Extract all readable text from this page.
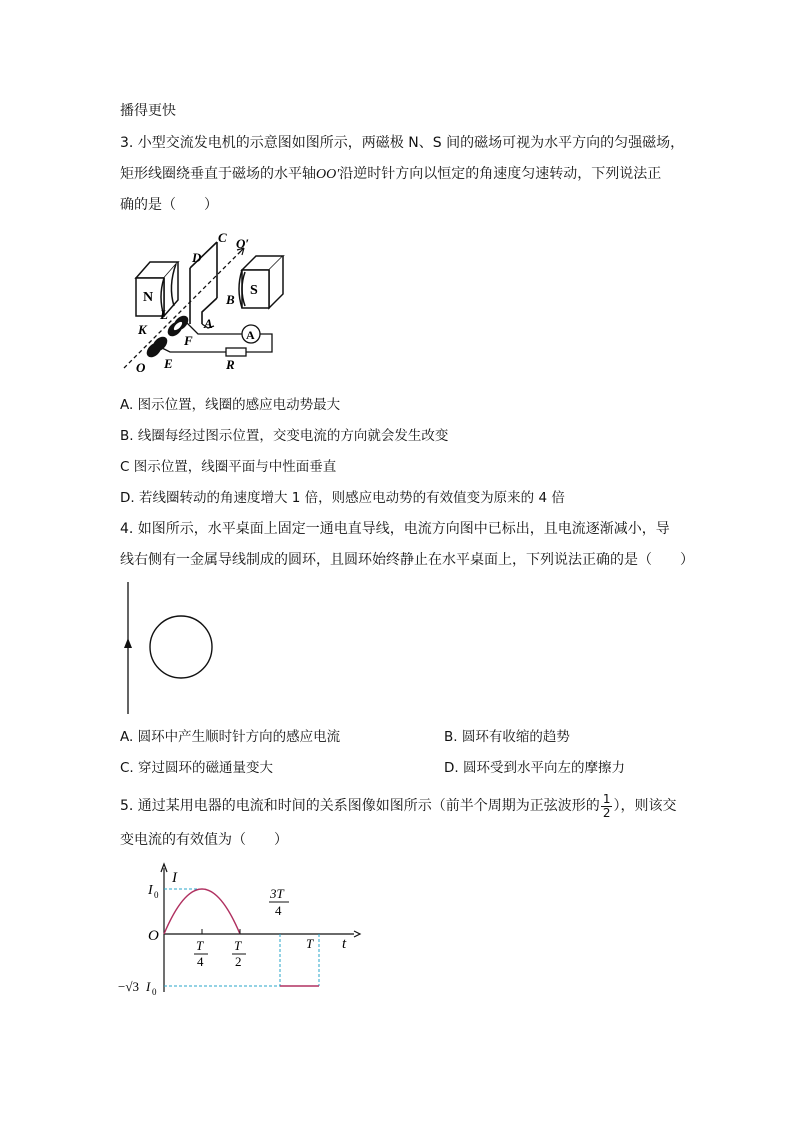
播得更快
3. 小型交流发电机的示意图如图所示，两磁极 N、S 间的磁场可视为水平方向的匀强磁场，
矩形线圈绕垂直于磁场的水平轴OO′沿逆时针方向以恒定的角速度匀速转动，下列说法正
确的是（　　）
N	S
A
C O′
D
B
L
A
K
F
O E	R
A. 图示位置，线圈的感应电动势最大
B. 线圈每经过图示位置，交变电流的方向就会发生改变
C 图示位置，线圈平面与中性面垂直
D. 若线圈转动的角速度增大 1 倍，则感应电动势的有效值变为原来的 4 倍
4. 如图所示，水平桌面上固定一通电直导线，电流方向图中已标出，且电流逐渐减小，导
线右侧有一金属导线制成的圆环，且圆环始终静止在水平桌面上，下列说法正确的是（　　）
A. 圆环中产生顺时针方向的感应电流	B. 圆环有收缩的趋势
C. 穿过圆环的磁通量变大	D. 圆环受到水平向左的摩擦力
5. 通过某用电器的电流和时间的关系图像如图所示（前半个周期为正弦波形的 $\frac{1}{2}$ ），则该交
变电流的有效值为（　　）
I
I 0
O	t
T
4
T
2
3T
4
T
−√3 I 0
